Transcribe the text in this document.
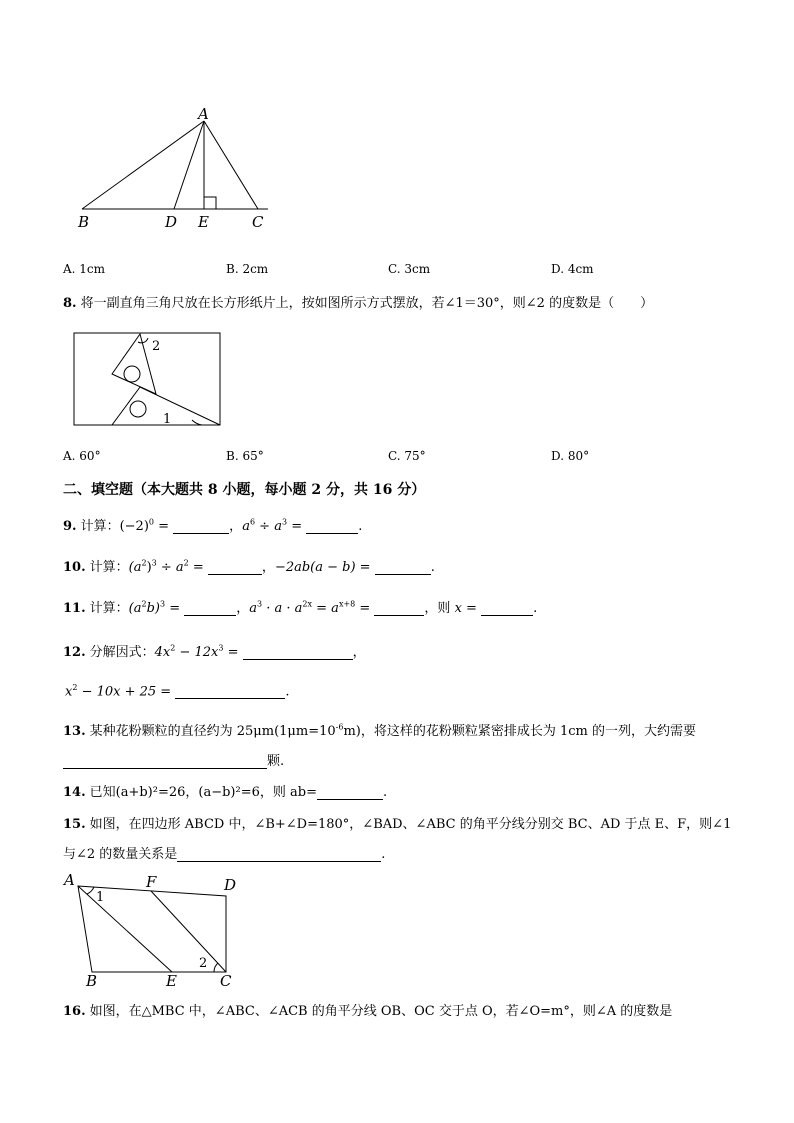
A
B	D E	C
A. 1cm	B. 2cm	C. 3cm	D. 4cm
8. 将一副直角三角尺放在长方形纸片上，按如图所示方式摆放，若∠1＝30°，则∠2 的度数是（　　）
2
1
A. 60°	B. 65°	C. 75°	D. 80°
二、填空题（本大题共 8 小题，每小题 2 分，共 16 分）
9. 计算：$(-2)^0$ =	，$a^6 \div a^3$ =	.
10. 计算：$(a^2)^3 \div a^2$ =	，−2ab(a − b) =	.
11. 计算：$(a^2b)^3$ =	，$a^3 \cdot a \cdot a^{2x} = a^{x+8}$ =	，则 x =	.
12. 分解因式：$4x^2 - 12x^3$ =	，
$x^2 - 10x + 25$ =	.
13. 某种花粉颗粒的直径约为 $25\mu m(1\mu m=10^{-6}m)$，将这样的花粉颗粒紧密排成长为 1cm 的一列，大约需要
颗.
14. 已知(a+b)²=26，(a−b)²=6，则 ab=	.
15. 如图，在四边形 ABCD 中，∠B+∠D=180°，∠BAD、∠ABC 的角平分线分别交 BC、AD 于点 E、F，则∠1
与∠2 的数量关系是	.
A	F	D
B	E	C
1
2
16. 如图，在△MBC 中，∠ABC、∠ACB 的角平分线 OB、OC 交于点 O，若∠O=m°，则∠A 的度数是
